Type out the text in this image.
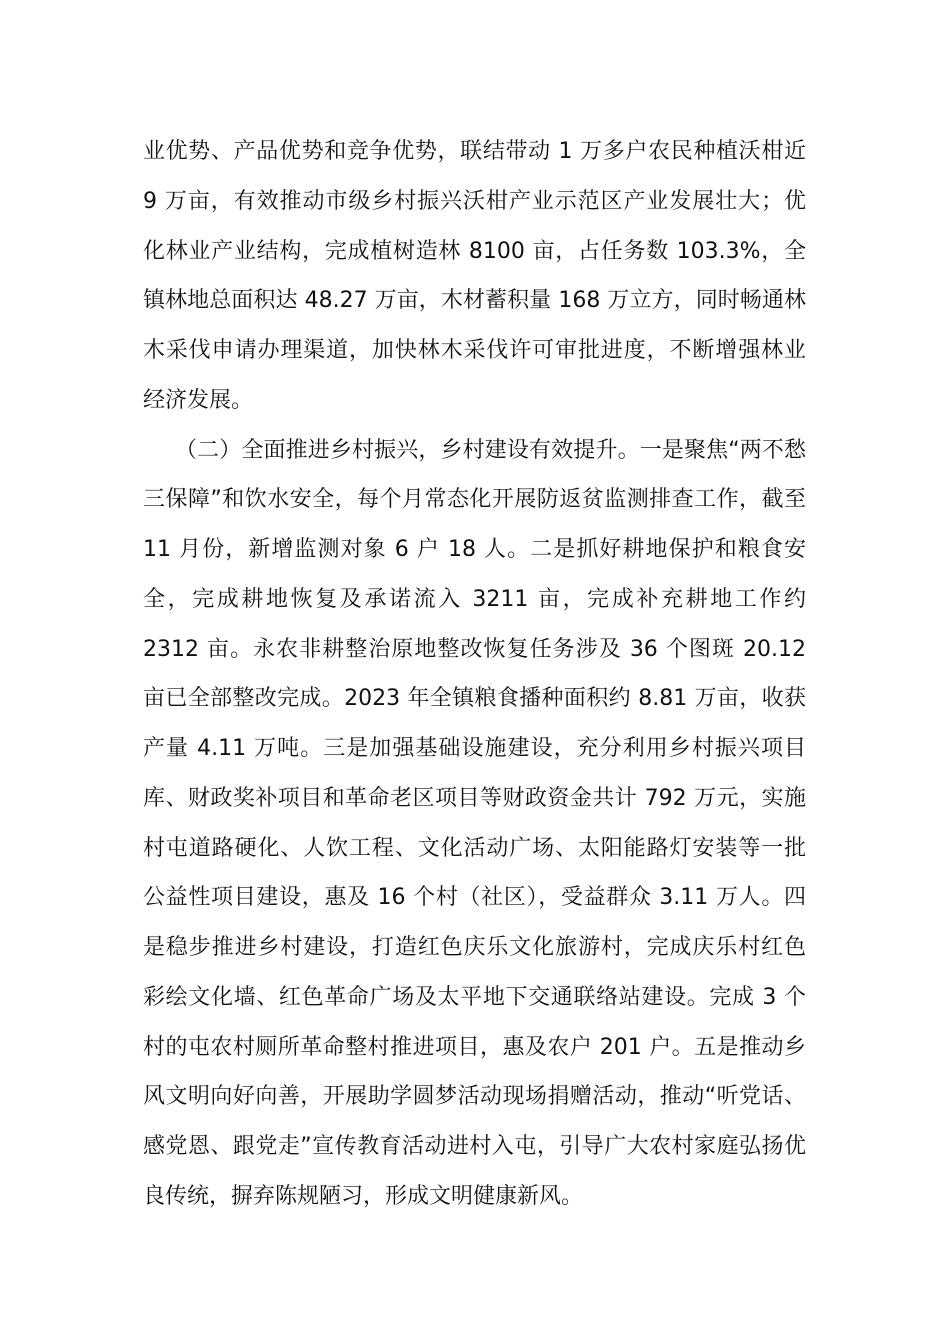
业优势、产品优势和竞争优势，联结带动 1 万多户农民种植沃柑近
9 万亩，有效推动市级乡村振兴沃柑产业示范区产业发展壮大；优
化林业产业结构，完成植树造林 8100 亩，占任务数 103.3%，全
镇林地总面积达 48.27 万亩，木材蓄积量 168 万立方，同时畅通林
木采伐申请办理渠道，加快林木采伐许可审批进度，不断增强林业
经济发展。
（二）全面推进乡村振兴，乡村建设有效提升。一是聚焦“两不愁
三保障”和饮水安全，每个月常态化开展防返贫监测排查工作，截至
11 月份，新增监测对象 6 户 18 人。二是抓好耕地保护和粮食安
全，完成耕地恢复及承诺流入 3211 亩，完成补充耕地工作约
2312 亩。永农非耕整治原地整改恢复任务涉及 36 个图斑 20.12
亩已全部整改完成。2023 年全镇粮食播种面积约 8.81 万亩，收获
产量 4.11 万吨。三是加强基础设施建设，充分利用乡村振兴项目
库、财政奖补项目和革命老区项目等财政资金共计 792 万元，实施
村屯道路硬化、人饮工程、文化活动广场、太阳能路灯安装等一批
公益性项目建设，惠及 16 个村（社区），受益群众 3.11 万人。四
是稳步推进乡村建设，打造红色庆乐文化旅游村，完成庆乐村红色
彩绘文化墙、红色革命广场及太平地下交通联络站建设。完成 3 个
村的屯农村厕所革命整村推进项目，惠及农户 201 户。五是推动乡
风文明向好向善，开展助学圆梦活动现场捐赠活动，推动“听党话、
感党恩、跟党走”宣传教育活动进村入屯，引导广大农村家庭弘扬优
良传统，摒弃陈规陋习，形成文明健康新风。
